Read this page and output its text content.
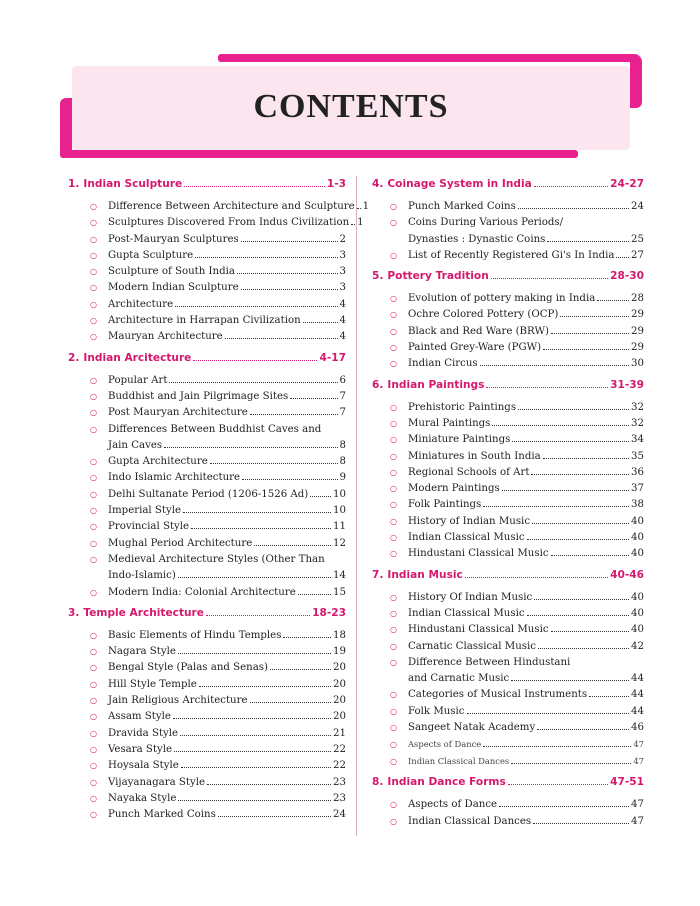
CONTENTS
1. Indian Sculpture	1-3
○	Difference Between Architecture and Sculpture 1
○	Sculptures Discovered From Indus Civilization 1
○	Post-Mauryan Sculptures	2
○	Gupta Sculpture	3
○	Sculpture of South India	3
○	Modern Indian Sculpture	3
○	Architecture	4
○	Architecture in Harrapan Civilization	4
○	Mauryan Architecture	4
2. Indian Arcitecture	4-17
○	Popular Art	6
○	Buddhist and Jain Pilgrimage Sites	7
○	Post Mauryan Architecture	7
○	Differences Between Buddhist Caves and
Jain Caves	8
○	Gupta Architecture	8
○	Indo Islamic Architecture	9
○	Delhi Sultanate Period (1206-1526 Ad) 10
○	Imperial Style	10
○	Provincial Style	11
○	Mughal Period Architecture	12
○	Medieval Architecture Styles (Other Than
Indo-Islamic)	14
○	Modern India: Colonial Architecture	15
3. Temple Architecture	18-23
○	Basic Elements of Hindu Temples	18
○	Nagara Style	19
○	Bengal Style (Palas and Senas)	20
○	Hill Style Temple	20
○	Jain Religious Architecture	20
○	Assam Style	20
○	Dravida Style	21
○	Vesara Style	22
○	Hoysala Style	22
○	Vijayanagara Style	23
○	Nayaka Style	23
○	Punch Marked Coins	24
4. Coinage System in India	24-27
○	Punch Marked Coins	24
○	Coins During Various Periods/
Dynasties : Dynastic Coins	25
○	List of Recently Registered Gi's In India 27
5. Pottery Tradition	28-30
○	Evolution of pottery making in India	28
○	Ochre Colored Pottery (OCP)	29
○	Black and Red Ware (BRW)	29
○	Painted Grey-Ware (PGW)	29
○	Indian Circus	30
6. Indian Paintings	31-39
○	Prehistoric Paintings	32
○	Mural Paintings	32
○	Miniature Paintings	34
○	Miniatures in South India	35
○	Regional Schools of Art	36
○	Modern Paintings	37
○	Folk Paintings	38
○	History of Indian Music	40
○	Indian Classical Music	40
○	Hindustani Classical Music	40
7. Indian Music	40-46
○	History Of Indian Music	40
○	Indian Classical Music	40
○	Hindustani Classical Music	40
○	Carnatic Classical Music	42
○	Difference Between Hindustani
and Carnatic Music	44
○	Categories of Musical Instruments	44
○	Folk Music	44
○	Sangeet Natak Academy	46
○	Aspects of Dance	47
○	Indian Classical Dances	47
8. Indian Dance Forms	47-51
○	Aspects of Dance	47
○	Indian Classical Dances	47
